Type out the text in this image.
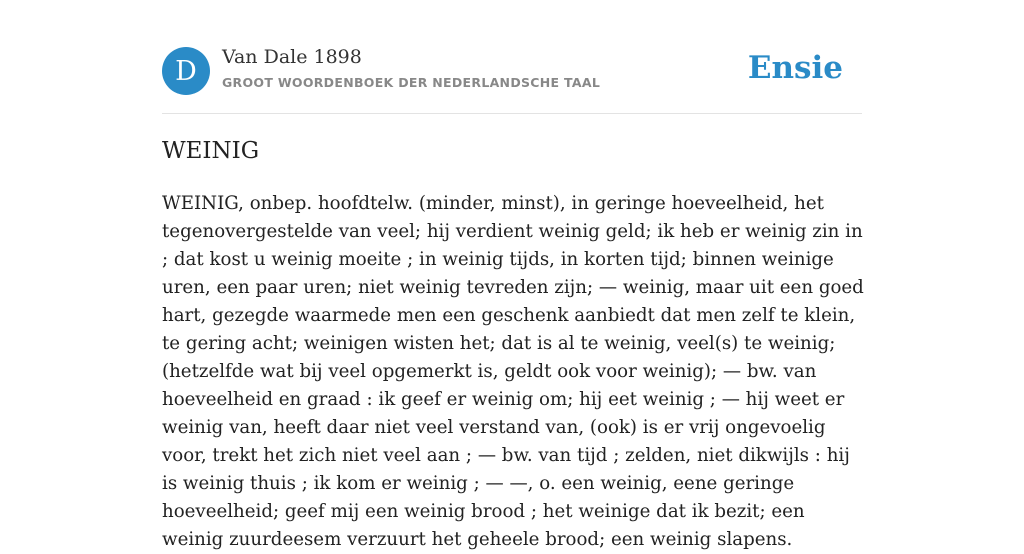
D	Van Dale 1898
GROOT WOORDENBOEK DER NEDERLANDSCHE TAAL	Ensie
WEINIG
WEINIG, onbep. hoofdtelw. (minder, minst), in geringe hoeveelheid, het tegenovergestelde van veel; hij verdient weinig geld; ik heb er weinig zin in ; dat kost u weinig moeite ; in weinig tijds, in korten tijd; binnen weinige uren, een paar uren; niet weinig tevreden zijn; — weinig, maar uit een goed hart, gezegde waarmede men een geschenk aanbiedt dat men zelf te klein, te gering acht; weinigen wisten het; dat is al te weinig, veel(s) te weinig; (hetzelfde wat bij veel opgemerkt is, geldt ook voor weinig); — bw. van hoeveelheid en graad : ik geef er weinig om; hij eet weinig ; — hij weet er weinig van, heeft daar niet veel verstand van, (ook) is er vrij ongevoelig voor, trekt het zich niet veel aan ; — bw. van tijd ; zelden, niet dikwijls : hij is weinig thuis ; ik kom er weinig ; — —, o. een weinig, eene geringe hoeveelheid; geef mij een weinig brood ; het weinige dat ik bezit; een weinig zuurdeesem verzuurt het geheele brood; een weinig slapens.
